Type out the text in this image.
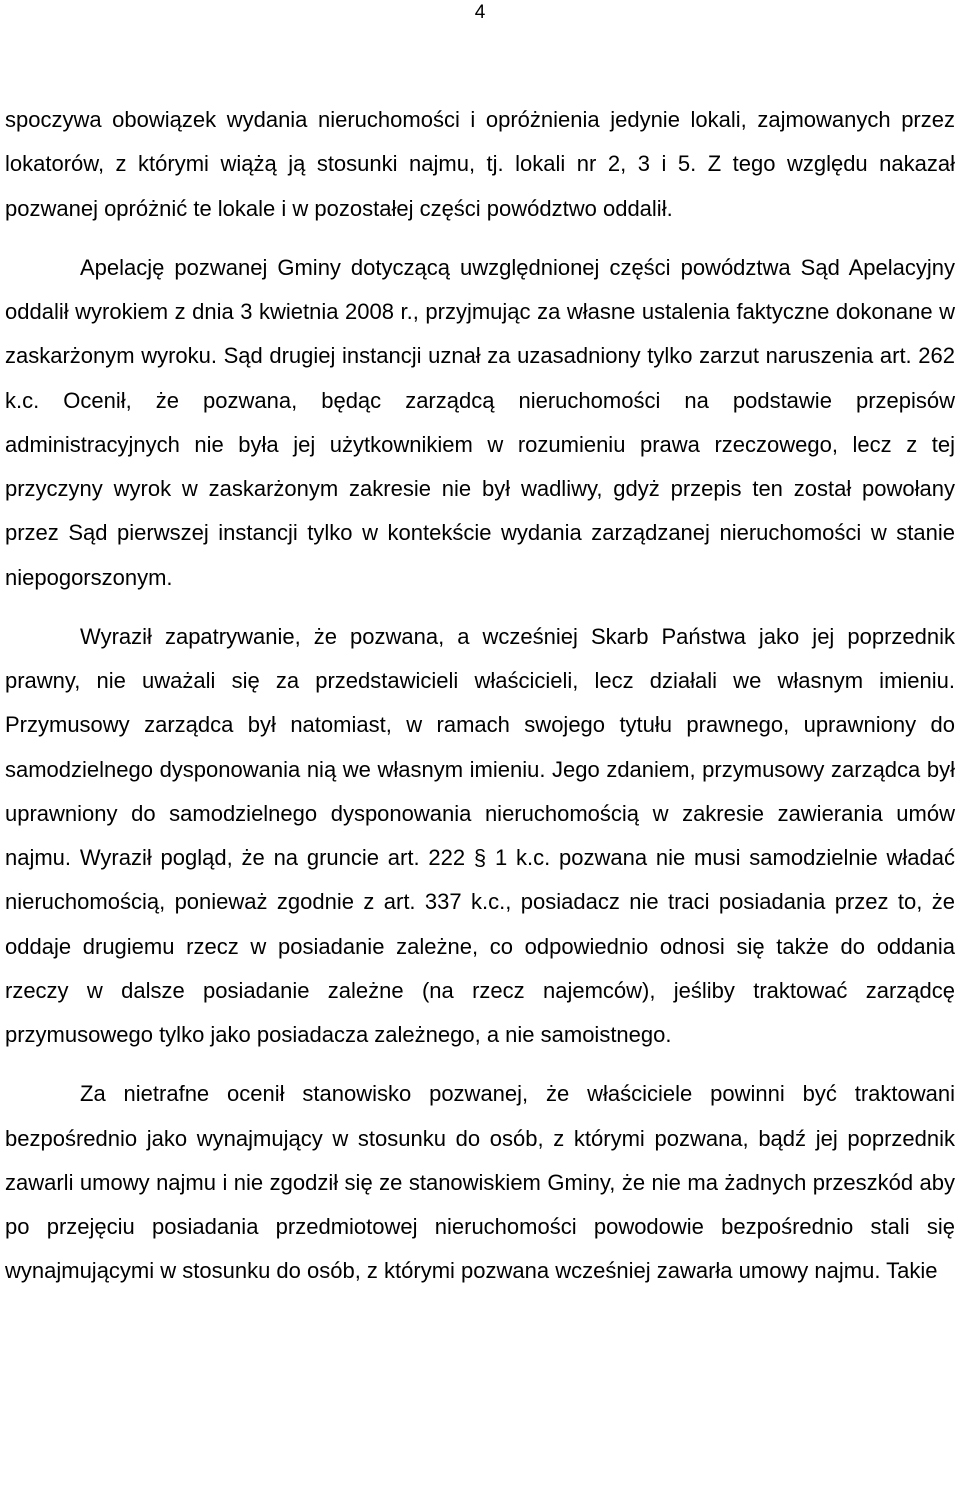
4

spoczywa obowiązek wydania nieruchomości i opróżnienia jedynie lokali, zajmowanych przez lokatorów, z którymi wiążą ją stosunki najmu, tj. lokali nr 2, 3 i 5. Z tego względu nakazał pozwanej opróżnić te lokale i w pozostałej części powództwo oddalił.

Apelację pozwanej Gminy dotyczącą uwzględnionej części powództwa Sąd Apelacyjny oddalił wyrokiem z dnia 3 kwietnia 2008 r., przyjmując za własne ustalenia faktyczne dokonane w zaskarżonym wyroku. Sąd drugiej instancji uznał za uzasadniony tylko zarzut naruszenia art. 262 k.c. Ocenił, że pozwana, będąc zarządcą nieruchomości na podstawie przepisów administracyjnych nie była jej użytkownikiem w rozumieniu prawa rzeczowego, lecz z tej przyczyny wyrok w zaskarżonym zakresie nie był wadliwy, gdyż przepis ten został powołany przez Sąd pierwszej instancji tylko w kontekście wydania zarządzanej nieruchomości w stanie niepogorszonym.

Wyraził zapatrywanie, że pozwana, a wcześniej Skarb Państwa jako jej poprzednik prawny, nie uważali się za przedstawicieli właścicieli, lecz działali we własnym imieniu. Przymusowy zarządca był natomiast, w ramach swojego tytułu prawnego, uprawniony do samodzielnego dysponowania nią we własnym imieniu. Jego zdaniem, przymusowy zarządca był uprawniony do samodzielnego dysponowania nieruchomością w zakresie zawierania umów najmu. Wyraził pogląd, że na gruncie art. 222 § 1 k.c. pozwana nie musi samodzielnie władać nieruchomością, ponieważ zgodnie z art. 337 k.c., posiadacz nie traci posiadania przez to, że oddaje drugiemu rzecz w posiadanie zależne, co odpowiednio odnosi się także do oddania rzeczy w dalsze posiadanie zależne (na rzecz najemców), jeśliby traktować zarządcę przymusowego tylko jako posiadacza zależnego, a nie samoistnego.

Za nietrafne ocenił stanowisko pozwanej, że właściciele powinni być traktowani bezpośrednio jako wynajmujący w stosunku do osób, z którymi pozwana, bądź jej poprzednik zawarli umowy najmu i nie zgodził się ze stanowiskiem Gminy, że nie ma żadnych przeszkód aby po przejęciu posiadania przedmiotowej nieruchomości powodowie bezpośrednio stali się wynajmującymi w stosunku do osób, z którymi pozwana wcześniej zawarła umowy najmu. Takie
